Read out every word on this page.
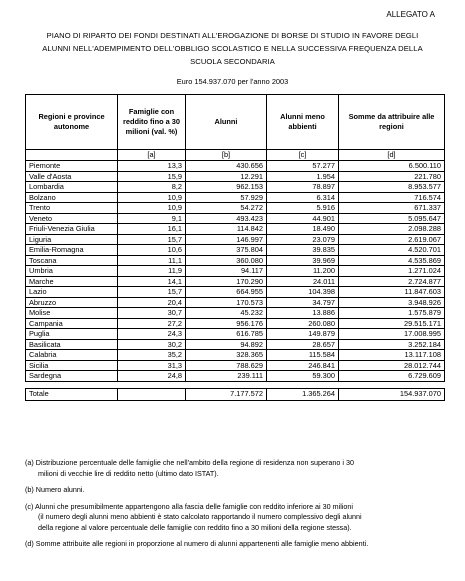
ALLEGATO A
PIANO DI RIPARTO DEI FONDI DESTINATI ALL'EROGAZIONE DI BORSE DI STUDIO IN FAVORE DEGLI
ALUNNI NELL'ADEMPIMENTO DELL'OBBLIGO SCOLASTICO E NELLA SUCCESSIVA FREQUENZA DELLA
SCUOLA SECONDARIA
Euro 154.937.070 per l'anno 2003
Regioni e province autonome	Famiglie con reddito fino a 30 milioni (val. %)	Alunni	Alunni meno abbienti	Somme da attribuire alle regioni
	[a]	[b]	[c]	[d]
Piemonte	13,3	430.656	57.277	6.500.110
Valle d'Aosta	15,9	12.291	1.954	221.780
Lombardia	8,2	962.153	78.897	8.953.577
Bolzano	10,9	57.929	6.314	716.574
Trento	10,9	54.272	5.916	671.337
Veneto	9,1	493.423	44.901	5.095.647
Friuli-Venezia Giulia	16,1	114.842	18.490	2.098.288
Liguria	15,7	146.997	23.079	2.619.067
Emilia-Romagna	10,6	375.804	39.835	4.520.701
Toscana	11,1	360.080	39.969	4.535.869
Umbria	11,9	94.117	11.200	1.271.024
Marche	14,1	170.290	24.011	2.724.877
Lazio	15,7	664.955	104.398	11.847.603
Abruzzo	20,4	170.573	34.797	3.948.926
Molise	30,7	45.232	13.886	1.575.879
Campania	27,2	956.176	260.080	29.515.171
Puglia	24,3	616.785	149.879	17.008.995
Basilicata	30,2	94.892	28.657	3.252.184
Calabria	35,2	328.365	115.584	13.117.108
Sicilia	31,3	788.629	246.841	28.012.744
Sardegna	24,8	239.111	59.300	6.729.609

Totale		7.177.572	1.365.264	154.937.070
(a) Distribuzione percentuale delle famiglie che nell'ambito della regione di residenza non superano i 30
milioni di vecchie lire di reddito netto (ultimo dato ISTAT).
(b) Numero alunni.
(c) Alunni che presumibilmente appartengono alla fascia delle famiglie con reddito inferiore ai 30 milioni
(il numero degli alunni meno abbienti è stato calcolato rapportando il numero complessivo degli alunni
della regione al valore percentuale delle famiglie con reddito fino a 30 milioni della regione stessa).
(d) Somme attribuite alle regioni in proporzione al numero di alunni appartenenti alle famiglie meno abbienti.
